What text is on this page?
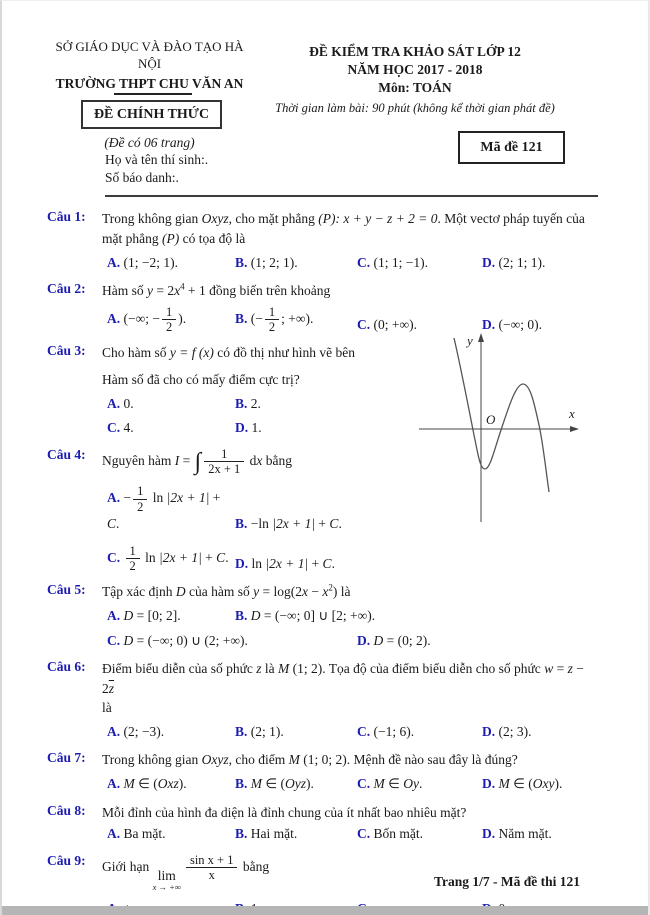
SỞ GIÁO DỤC VÀ ĐÀO TẠO HÀ
NỘI
TRƯỜNG THPT CHU VĂN AN
ĐỀ CHÍNH THỨC
(Đề có 06 trang)
Họ và tên thí sinh:.
Số báo danh:.
ĐỀ KIỂM TRA KHẢO SÁT LỚP 12
NĂM HỌC 2017 - 2018
Môn: TOÁN
Thời gian làm bài: 90 phút (không kể thời gian phát đề)
Mã đề 121
Câu 1:	Trong không gian Oxyz, cho mặt phẳng (P): x + y − z + 2 = 0. Một vectơ pháp tuyến của mặt phẳng (P) có tọa độ là
A. (1; −2; 1).	B. (1; 2; 1).	C. (1; 1; −1).	D. (2; 1; 1).
Câu 2:	Hàm số $y = 2x^4 + 1$ đồng biến trên khoảng
A. (−∞; − $\frac{1}{2}$ ).	B. (− $\frac{1}{2}$ ; +∞).	C. (0; +∞).	D. (−∞; 0).
Câu 3:	Cho hàm số y = f (x) có đồ thị như hình vẽ bên
Hàm số đã cho có mấy điểm cực trị?
A. 0.	B. 2.
C. 4.	D. 1.
Câu 4:	Nguyên hàm I = ∫ $\frac{1}{2x + 1}$ dx bằng
A. − $\frac{1}{2}$ ln |2x + 1| + C.	B. −ln |2x + 1| + C.
C. $\frac{1}{2}$ ln |2x + 1| + C. D. ln |2x + 1| + C.
Câu 5:	Tập xác định D của hàm số $y = \log(2x - x^2)$ là
A. D = [0; 2].	B. D = (−∞; 0] ∪ [2; +∞).
C. D = (−∞; 0) ∪ (2; +∞).	D. D = (0; 2).
Câu 6:	Điểm biểu diễn của số phức z là M (1; 2). Tọa độ của điểm biểu diễn cho số phức $w = z - 2\overline{z}$
là
A. (2; −3).	B. (2; 1).	C. (−1; 6).	D. (2; 3).
Câu 7:	Trong không gian Oxyz, cho điểm M (1; 0; 2). Mệnh đề nào sau đây là đúng?
A. M ∈ (Oxz).	B. M ∈ (Oyz).	C. M ∈ Oy.	D. M ∈ (Oxy).
Câu 8:	Mỗi đỉnh của hình đa diện là đỉnh chung của ít nhất bao nhiêu mặt?
A. Ba mặt.	B. Hai mặt.	C. Bốn mặt.	D. Năm mặt.
Câu 9:	Giới hạn
lim
x → +∞
$\frac{\text{sin x + 1}}{x}$ bằng
y
x
O
Trang 1/7 - Mã đề thi 121
